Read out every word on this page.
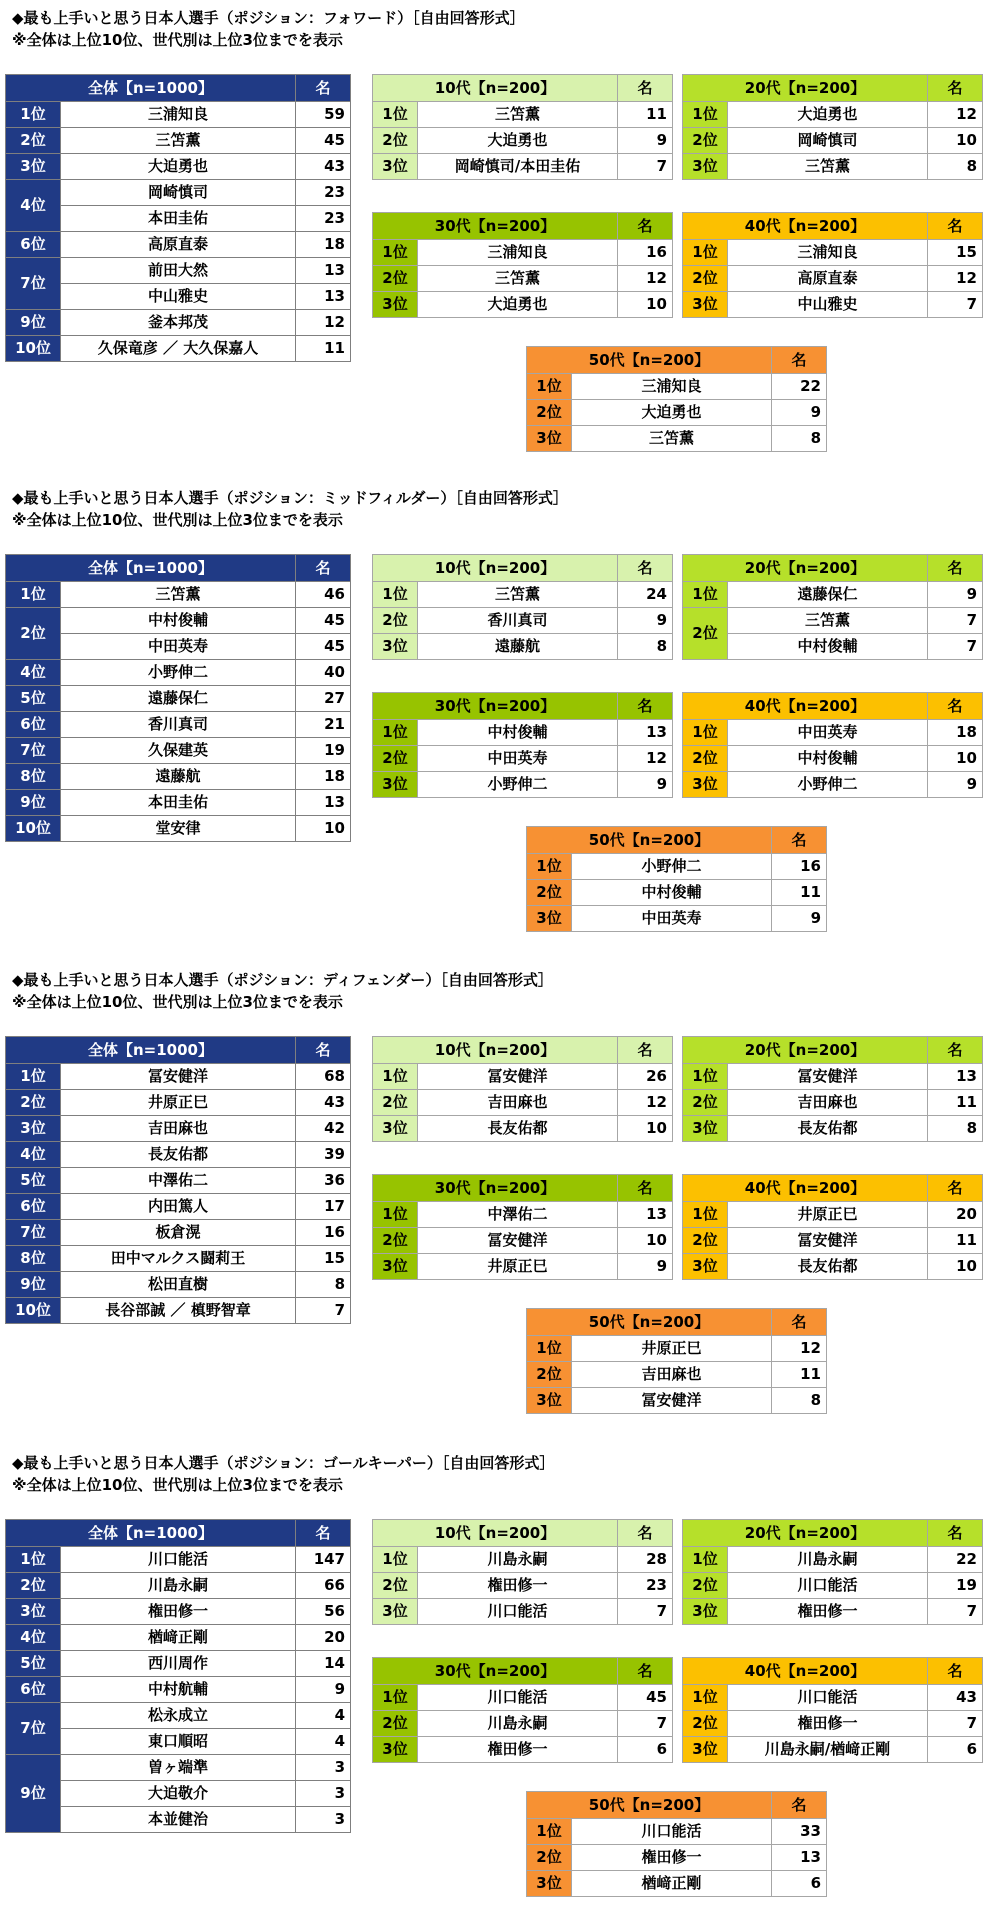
◆最も上手いと思う日本人選手（ポジション：フォワード）［自由回答形式］
※全体は上位10位、世代別は上位3位までを表示
全体【n=1000】		名
1位	三浦知良	59
2位	三笘薫	45
3位	大迫勇也	43
4位	岡崎慎司	23
	本田圭佑	23
6位	高原直泰	18
7位	前田大然	13
	中山雅史	13
9位	釜本邦茂	12
10位	久保竜彦 ／ 大久保嘉人	11
10代【n=200】		名
1位	三笘薫	11
2位	大迫勇也	9
3位	岡崎慎司/本田圭佑	7
20代【n=200】		名
1位	大迫勇也	12
2位	岡崎慎司	10
3位	三笘薫	8
30代【n=200】		名
1位	三浦知良	16
2位	三笘薫	12
3位	大迫勇也	10
40代【n=200】		名
1位	三浦知良	15
2位	高原直泰	12
3位	中山雅史	7
50代【n=200】		名
1位	三浦知良	22
2位	大迫勇也	9
3位	三笘薫	8
◆最も上手いと思う日本人選手（ポジション：ミッドフィルダー）［自由回答形式］
※全体は上位10位、世代別は上位3位までを表示
全体【n=1000】		名
1位	三笘薫	46
2位	中村俊輔	45
	中田英寿	45
4位	小野伸二	40
5位	遠藤保仁	27
6位	香川真司	21
7位	久保建英	19
8位	遠藤航	18
9位	本田圭佑	13
10位	堂安律	10
10代【n=200】		名
1位	三笘薫	24
2位	香川真司	9
3位	遠藤航	8
20代【n=200】		名
1位	遠藤保仁	9
2位	三笘薫	7
	中村俊輔	7
30代【n=200】		名
1位	中村俊輔	13
2位	中田英寿	12
3位	小野伸二	9
40代【n=200】		名
1位	中田英寿	18
2位	中村俊輔	10
3位	小野伸二	9
50代【n=200】		名
1位	小野伸二	16
2位	中村俊輔	11
3位	中田英寿	9
◆最も上手いと思う日本人選手（ポジション：ディフェンダー）［自由回答形式］
※全体は上位10位、世代別は上位3位までを表示
全体【n=1000】		名
1位	冨安健洋	68
2位	井原正巳	43
3位	吉田麻也	42
4位	長友佑都	39
5位	中澤佑二	36
6位	内田篤人	17
7位	板倉滉	16
8位	田中マルクス闘莉王	15
9位	松田直樹	8
10位	長谷部誠 ／ 槙野智章	7
10代【n=200】		名
1位	冨安健洋	26
2位	吉田麻也	12
3位	長友佑都	10
20代【n=200】		名
1位	冨安健洋	13
2位	吉田麻也	11
3位	長友佑都	8
30代【n=200】		名
1位	中澤佑二	13
2位	冨安健洋	10
3位	井原正巳	9
40代【n=200】		名
1位	井原正巳	20
2位	冨安健洋	11
3位	長友佑都	10
50代【n=200】		名
1位	井原正巳	12
2位	吉田麻也	11
3位	冨安健洋	8
◆最も上手いと思う日本人選手（ポジション：ゴールキーパー）［自由回答形式］
※全体は上位10位、世代別は上位3位までを表示
全体【n=1000】		名
1位	川口能活	147
2位	川島永嗣	66
3位	権田修一	56
4位	楢﨑正剛	20
5位	西川周作	14
6位	中村航輔	9
7位	松永成立	4
	東口順昭	4
9位	曽ヶ端準	3
	大迫敬介	3
	本並健治	3
10代【n=200】		名
1位	川島永嗣	28
2位	権田修一	23
3位	川口能活	7
20代【n=200】		名
1位	川島永嗣	22
2位	川口能活	19
3位	権田修一	7
30代【n=200】		名
1位	川口能活	45
2位	川島永嗣	7
3位	権田修一	6
40代【n=200】		名
1位	川口能活	43
2位	権田修一	7
3位	川島永嗣/楢﨑正剛	6
50代【n=200】		名
1位	川口能活	33
2位	権田修一	13
3位	楢﨑正剛	6
